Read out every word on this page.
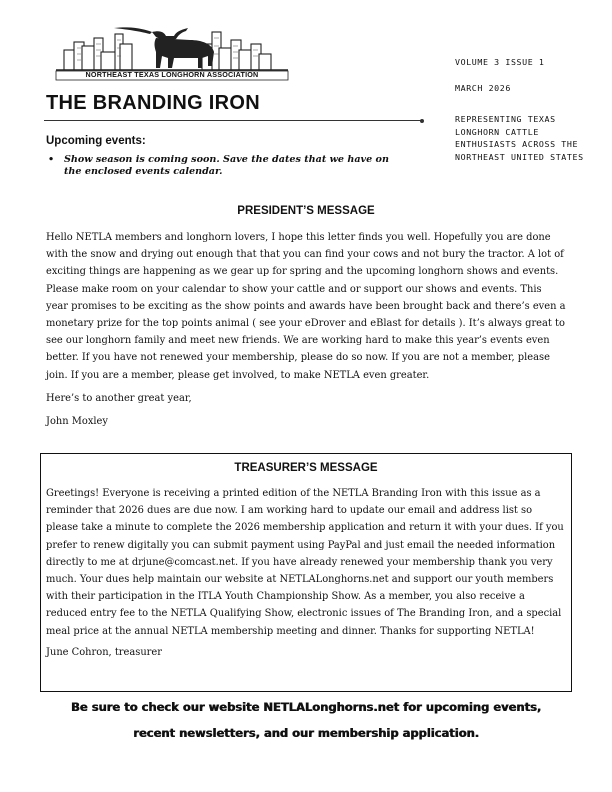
NORTHEAST TEXAS LONGHORN ASSOCIATION
THE BRANDING IRON
VOLUME 3 ISSUE 1
MARCH 2026
REPRESENTING TEXAS
LONGHORN CATTLE
ENTHUSIASTS ACROSS THE
NORTHEAST UNITED STATES
Upcoming events:
•	Show season is coming soon. Save the dates that we have on the enclosed events calendar.
PRESIDENT’S MESSAGE

Hello NETLA members and longhorn lovers, I hope this letter finds you well. Hopefully you are done with the snow and drying out enough that that you can find your cows and not bury the tractor. A lot of exciting things are happening as we gear up for spring and the upcoming longhorn shows and events. Please make room on your calendar to show your cattle and or support our shows and events. This year promises to be exciting as the show points and awards have been brought back and there’s even a monetary prize for the top points animal ( see your eDrover and eBlast for details ). It’s always great to see our longhorn family and meet new friends. We are working hard to make this year’s events even better. If you have not renewed your membership, please do so now. If you are not a member, please join. If you are a member, please get involved, to make NETLA even greater.

Here’s to another great year,

John Moxley

TREASURER’S MESSAGE

Greetings! Everyone is receiving a printed edition of the NETLA Branding Iron with this issue as a reminder that 2026 dues are due now. I am working hard to update our email and address list so please take a minute to complete the 2026 membership application and return it with your dues. If you prefer to renew digitally you can submit payment using PayPal and just email the needed information directly to me at drjune@comcast.net. If you have already renewed your membership thank you very much. Your dues help maintain our website at NETLALonghorns.net and support our youth members with their participation in the ITLA Youth Championship Show. As a member, you also receive a reduced entry fee to the NETLA Qualifying Show, electronic issues of The Branding Iron, and a special meal price at the annual NETLA membership meeting and dinner. Thanks for supporting NETLA!

June Cohron, treasurer

Be sure to check our website NETLALonghorns.net for upcoming events,
recent newsletters, and our membership application.
